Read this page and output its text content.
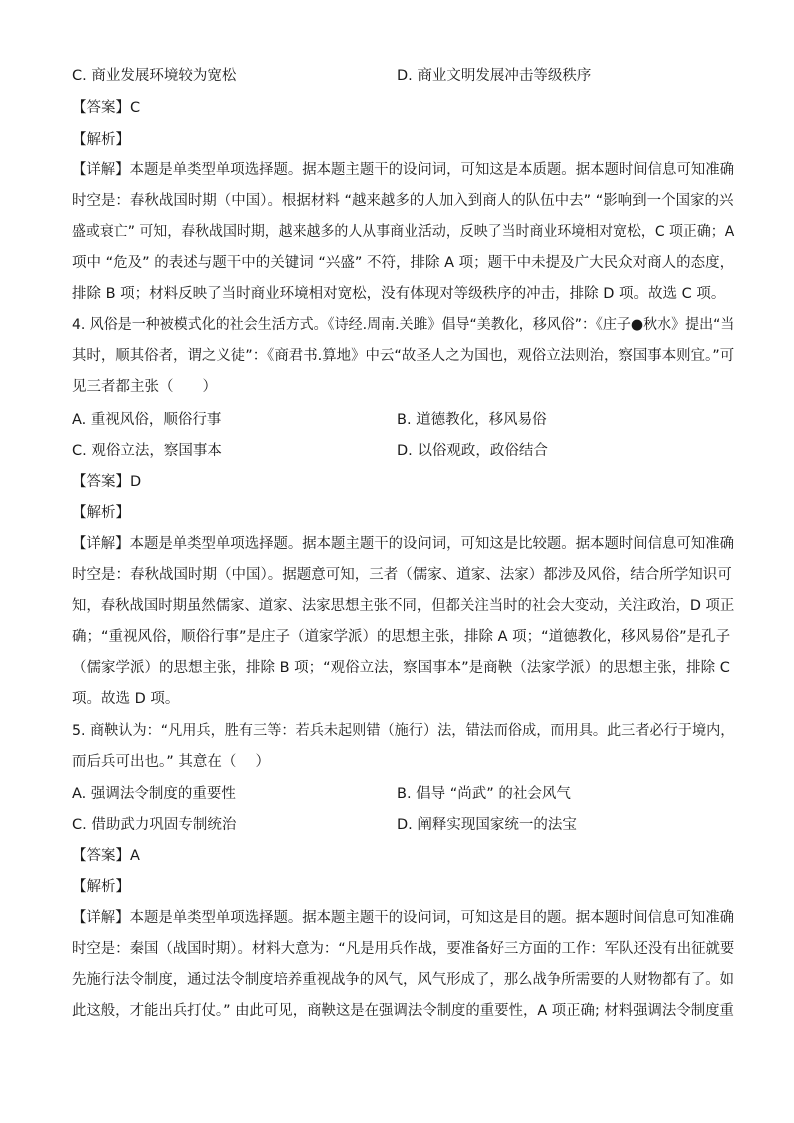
C. 商业发展环境较为宽松	D. 商业文明发展冲击等级秩序
【答案】C
【解析】
【详解】本题是单类型单项选择题。据本题主题干的设问词，可知这是本质题。据本题时间信息可知准确
时空是：春秋战国时期（中国）。根据材料 “越来越多的人加入到商人的队伍中去” “影响到一个国家的兴
盛或衰亡” 可知，春秋战国时期，越来越多的人从事商业活动，反映了当时商业环境相对宽松，C 项正确；A
项中 “危及” 的表述与题干中的关键词 “兴盛” 不符，排除 A 项；题干中未提及广大民众对商人的态度，
排除 B 项；材料反映了当时商业环境相对宽松，没有体现对等级秩序的冲击，排除 D 项。故选 C 项。
4. 风俗是一种被模式化的社会生活方式。《诗经.周南.关雎》倡导“美教化，移风俗”：《庄子●秋水》提出“当
其时，顺其俗者，谓之义徒”：《商君书.算地》中云“故圣人之为国也，观俗立法则治，察国事本则宜。”可
见三者都主张（　　）
A. 重视风俗，顺俗行事	B. 道德教化，移风易俗
C. 观俗立法，察国事本	D. 以俗观政，政俗结合
【答案】D
【解析】
【详解】本题是单类型单项选择题。据本题主题干的设问词，可知这是比较题。据本题时间信息可知准确
时空是：春秋战国时期（中国）。据题意可知，三者（儒家、道家、法家）都涉及风俗，结合所学知识可
知，春秋战国时期虽然儒家、道家、法家思想主张不同，但都关注当时的社会大变动，关注政治，D 项正
确；“重视风俗，顺俗行事”是庄子（道家学派）的思想主张，排除 A 项；“道德教化，移风易俗”是孔子
（儒家学派）的思想主张，排除 B 项；“观俗立法，察国事本”是商鞅（法家学派）的思想主张，排除 C
项。故选 D 项。
5. 商鞅认为：“凡用兵，胜有三等：若兵未起则错（施行）法，错法而俗成，而用具。此三者必行于境内，
而后兵可出也。” 其意在（　 ）
A. 强调法令制度的重要性	B. 倡导 “尚武” 的社会风气
C. 借助武力巩固专制统治	D. 阐释实现国家统一的法宝
【答案】A
【解析】
【详解】本题是单类型单项选择题。据本题主题干的设问词，可知这是目的题。据本题时间信息可知准确
时空是：秦国（战国时期）。材料大意为：“凡是用兵作战，要准备好三方面的工作：军队还没有出征就要
先施行法令制度，通过法令制度培养重视战争的风气，风气形成了，那么战争所需要的人财物都有了。如
此这般，才能出兵打仗。” 由此可见，商鞅这是在强调法令制度的重要性，A 项正确; 材料强调法令制度重
